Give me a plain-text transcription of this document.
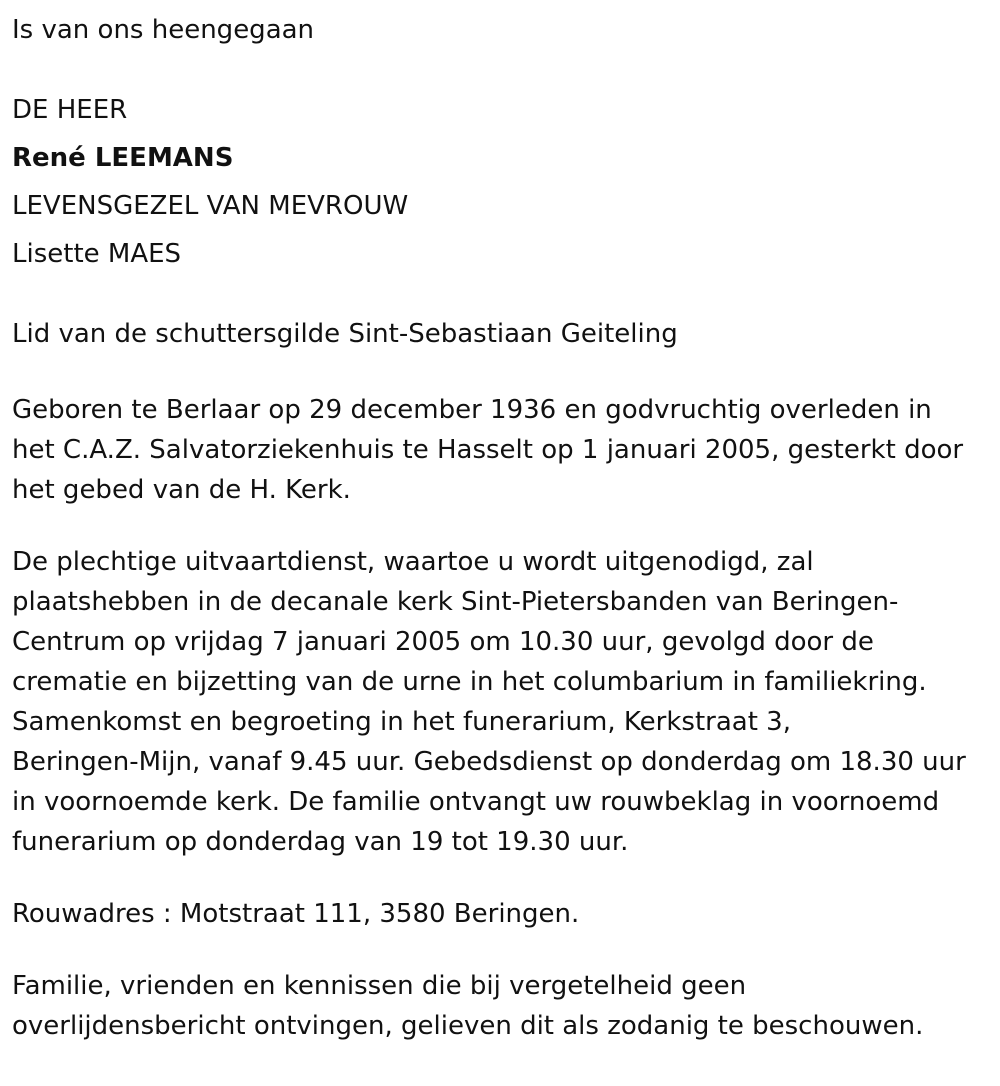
Is van ons heengegaan

DE HEER

René LEEMANS

LEVENSGEZEL VAN MEVROUW

Lisette MAES

Lid van de schuttersgilde Sint-Sebastiaan Geiteling

Geboren te Berlaar op 29 december 1936 en godvruchtig overleden in

het C.A.Z. Salvatorziekenhuis te Hasselt op 1 januari 2005, gesterkt door

het gebed van de H. Kerk.

De plechtige uitvaartdienst, waartoe u wordt uitgenodigd, zal

plaatshebben in de decanale kerk Sint-Pietersbanden van Beringen-

Centrum op vrijdag 7 januari 2005 om 10.30 uur, gevolgd door de

crematie en bijzetting van de urne in het columbarium in familiekring.

Samenkomst en begroeting in het funerarium, Kerkstraat 3,

Beringen-Mijn, vanaf 9.45 uur. Gebedsdienst op donderdag om 18.30 uur

in voornoemde kerk. De familie ontvangt uw rouwbeklag in voornoemd

funerarium op donderdag van 19 tot 19.30 uur.

Rouwadres : Motstraat 111, 3580 Beringen.

Familie, vrienden en kennissen die bij vergetelheid geen

overlijdensbericht ontvingen, gelieven dit als zodanig te beschouwen.
